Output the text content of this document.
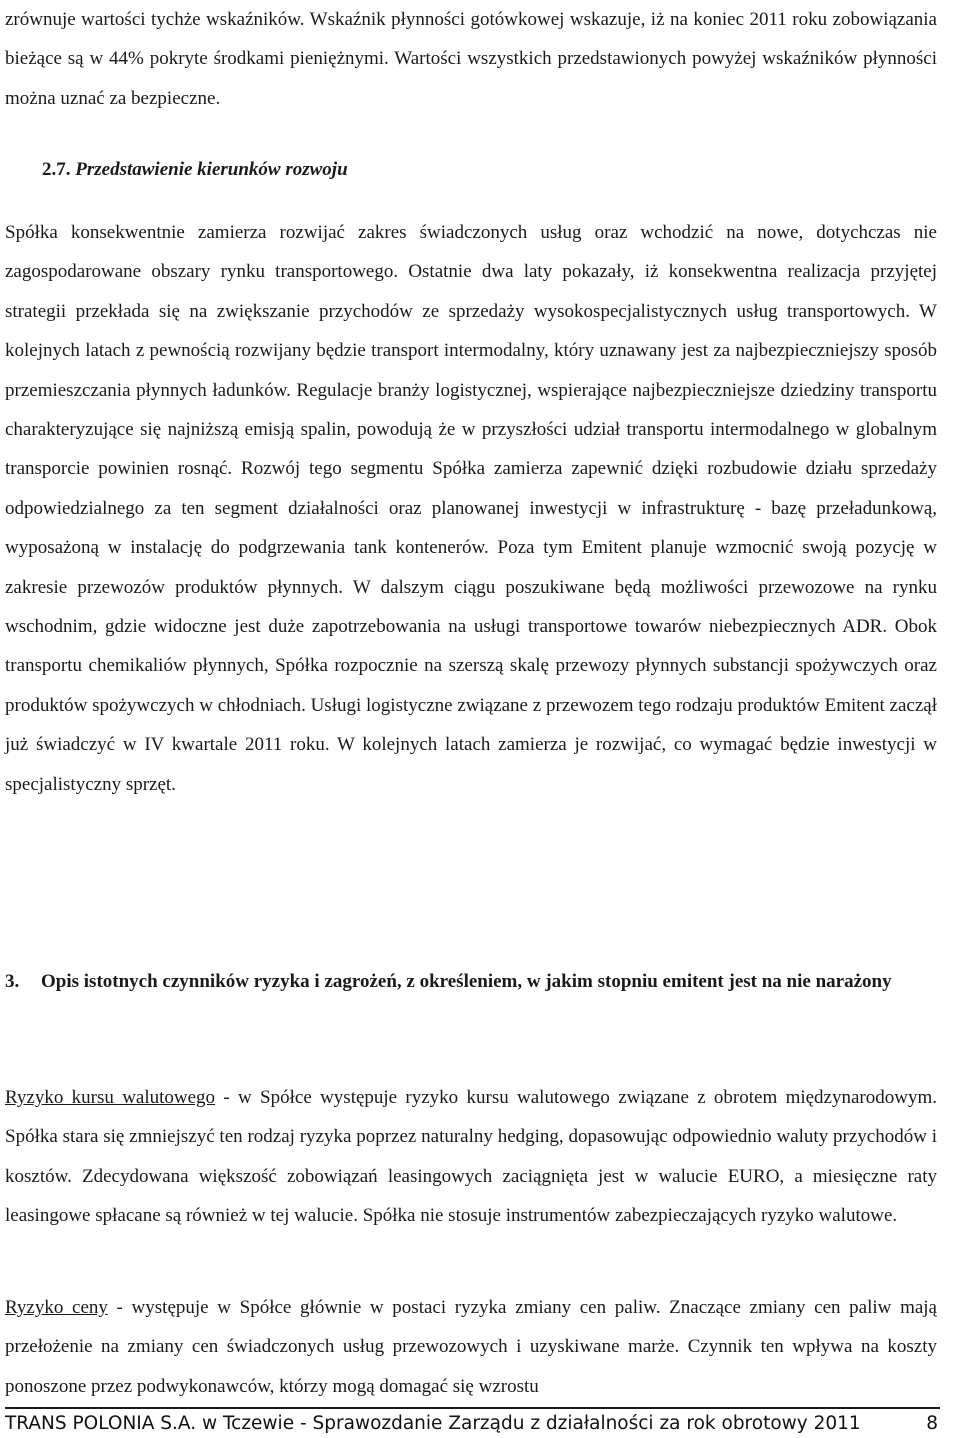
zrównuje wartości tychże wskaźników. Wskaźnik płynności gotówkowej wskazuje, iż na koniec 2011 roku zobowiązania bieżące są w 44% pokryte środkami pieniężnymi. Wartości wszystkich przedstawionych powyżej wskaźników płynności można uznać za bezpieczne.
2.7. Przedstawienie kierunków rozwoju
Spółka konsekwentnie zamierza rozwijać zakres świadczonych usług oraz wchodzić na nowe, dotychczas nie zagospodarowane obszary rynku transportowego. Ostatnie dwa laty pokazały, iż konsekwentna realizacja przyjętej strategii przekłada się na zwiększanie przychodów ze sprzedaży wysokospecjalistycznych usług transportowych. W kolejnych latach z pewnością rozwijany będzie transport intermodalny, który uznawany jest za najbezpieczniejszy sposób przemieszczania płynnych ładunków. Regulacje branży logistycznej, wspierające najbezpieczniejsze dziedziny transportu charakteryzujące się najniższą emisją spalin, powodują że w przyszłości udział transportu intermodalnego w globalnym transporcie powinien rosnąć. Rozwój tego segmentu Spółka zamierza zapewnić dzięki rozbudowie działu sprzedaży odpowiedzialnego za ten segment działalności oraz planowanej inwestycji w infrastrukturę - bazę przeładunkową, wyposażoną w instalację do podgrzewania tank kontenerów. Poza tym Emitent planuje wzmocnić swoją pozycję w zakresie przewozów produktów płynnych. W dalszym ciągu poszukiwane będą możliwości przewozowe na rynku wschodnim, gdzie widoczne jest duże zapotrzebowania na usługi transportowe towarów niebezpiecznych ADR. Obok transportu chemikaliów płynnych, Spółka rozpocznie na szerszą skalę przewozy płynnych substancji spożywczych oraz produktów spożywczych w chłodniach. Usługi logistyczne związane z przewozem tego rodzaju produktów Emitent zaczął już świadczyć w IV kwartale 2011 roku. W kolejnych latach zamierza je rozwijać, co wymagać będzie inwestycji w specjalistyczny sprzęt.
3. Opis istotnych czynników ryzyka i zagrożeń, z określeniem, w jakim stopniu emitent jest na nie narażony
Ryzyko kursu walutowego - w Spółce występuje ryzyko kursu walutowego związane z obrotem międzynarodowym. Spółka stara się zmniejszyć ten rodzaj ryzyka poprzez naturalny hedging, dopasowując odpowiednio waluty przychodów i kosztów. Zdecydowana większość zobowiązań leasingowych zaciągnięta jest w walucie EURO, a miesięczne raty leasingowe spłacane są również w tej walucie. Spółka nie stosuje instrumentów zabezpieczających ryzyko walutowe.
Ryzyko ceny - występuje w Spółce głównie w postaci ryzyka zmiany cen paliw. Znaczące zmiany cen paliw mają przełożenie na zmiany cen świadczonych usług przewozowych i uzyskiwane marże. Czynnik ten wpływa na koszty ponoszone przez podwykonawców, którzy mogą domagać się wzrostu
TRANS POLONIA S.A. w Tczewie - Sprawozdanie Zarządu z działalności za rok obrotowy 2011	8
